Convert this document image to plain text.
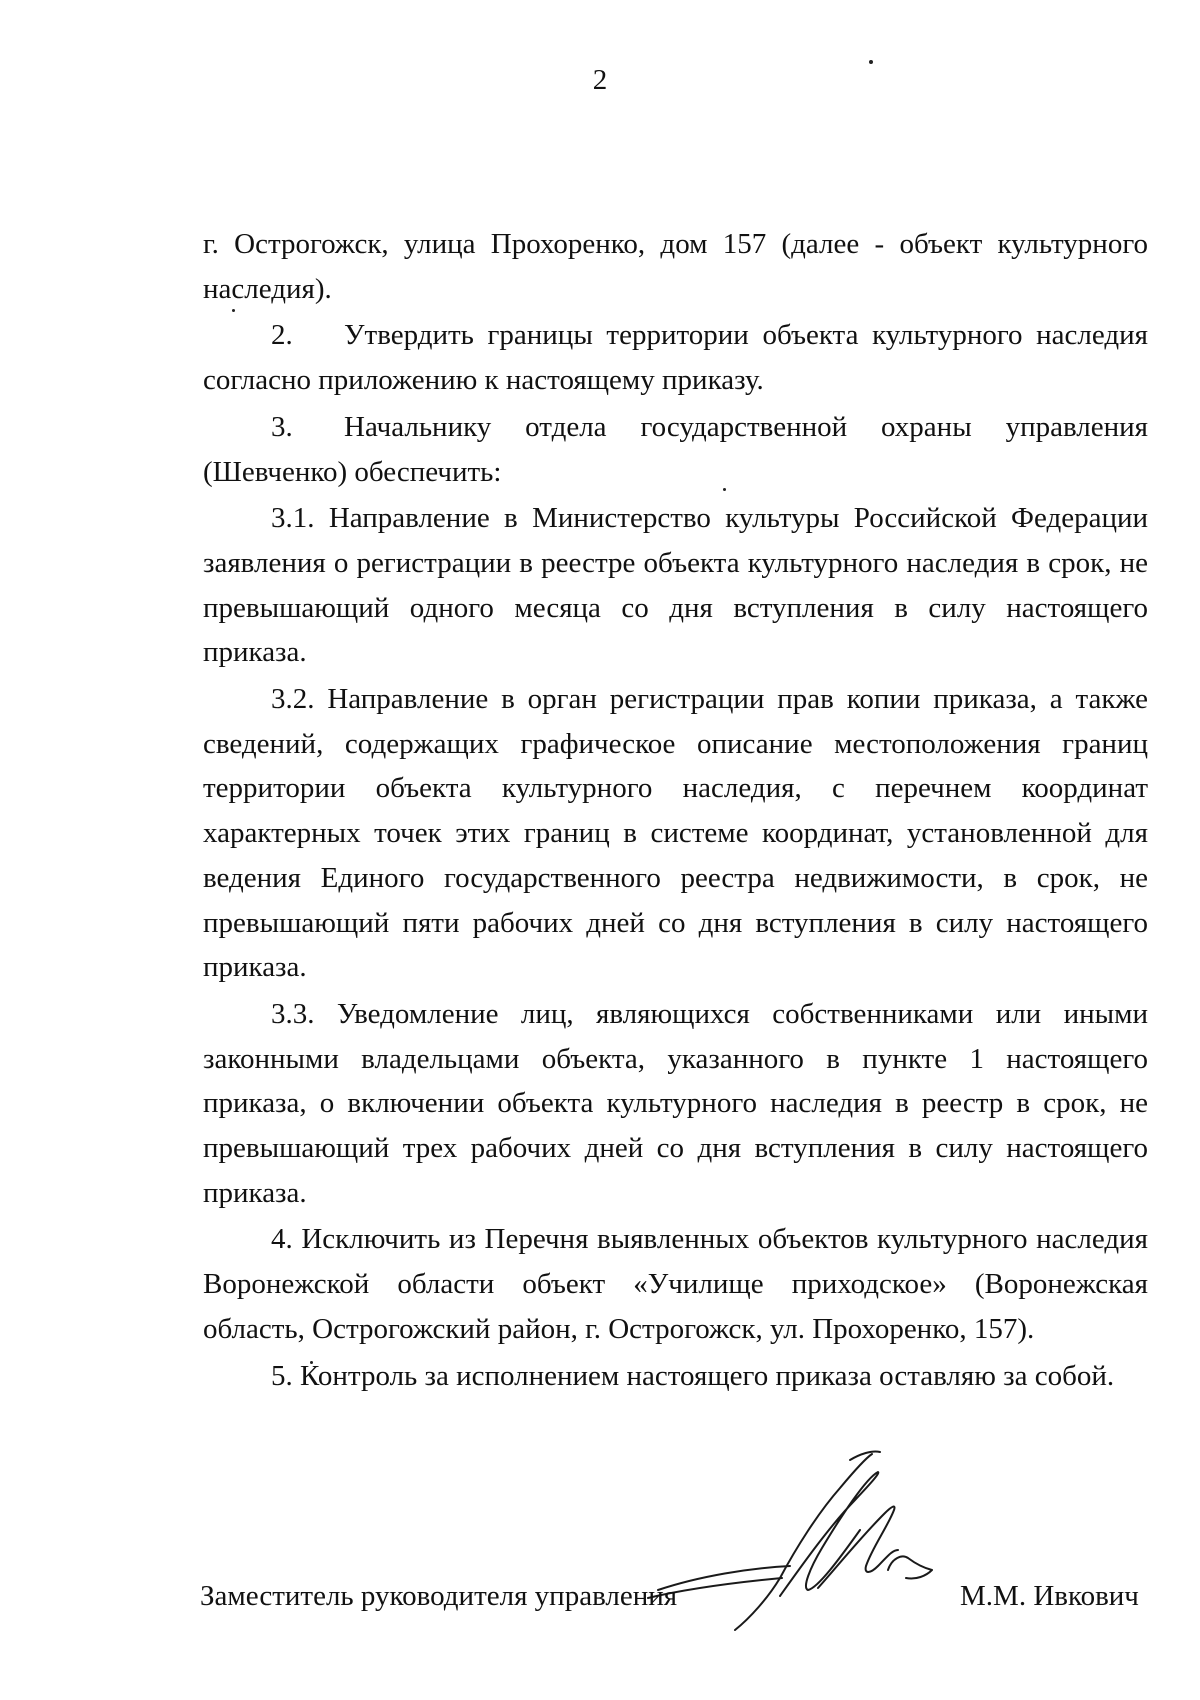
2

г. Острогожск, улица Прохоренко, дом 157 (далее - объект культурного наследия).

2. Утвердить границы территории объекта культурного наследия согласно приложению к настоящему приказу.

3. Начальнику отдела государственной охраны управления (Шевченко) обеспечить:

3.1. Направление в Министерство культуры Российской Федерации заявления о регистрации в реестре объекта культурного наследия в срок, не превышающий одного месяца со дня вступления в силу настоящего приказа.

3.2. Направление в орган регистрации прав копии приказа, а также сведений, содержащих графическое описание местоположения границ территории объекта культурного наследия, с перечнем координат характерных точек этих границ в системе координат, установленной для ведения Единого государственного реестра недвижимости, в срок, не превышающий пяти рабочих дней со дня вступления в силу настоящего приказа.

3.3. Уведомление лиц, являющихся собственниками или иными законными владельцами объекта, указанного в пункте 1 настоящего приказа, о включении объекта культурного наследия в реестр в срок, не превышающий трех рабочих дней со дня вступления в силу настоящего приказа.

4. Исключить из Перечня выявленных объектов культурного наследия Воронежской области объект «Училище приходское» (Воронежская область, Острогожский район, г. Острогожск, ул. Прохоренко, 157).

5. Контроль за исполнением настоящего приказа оставляю за собой.

Заместитель руководителя управления	М.М. Ивкович
